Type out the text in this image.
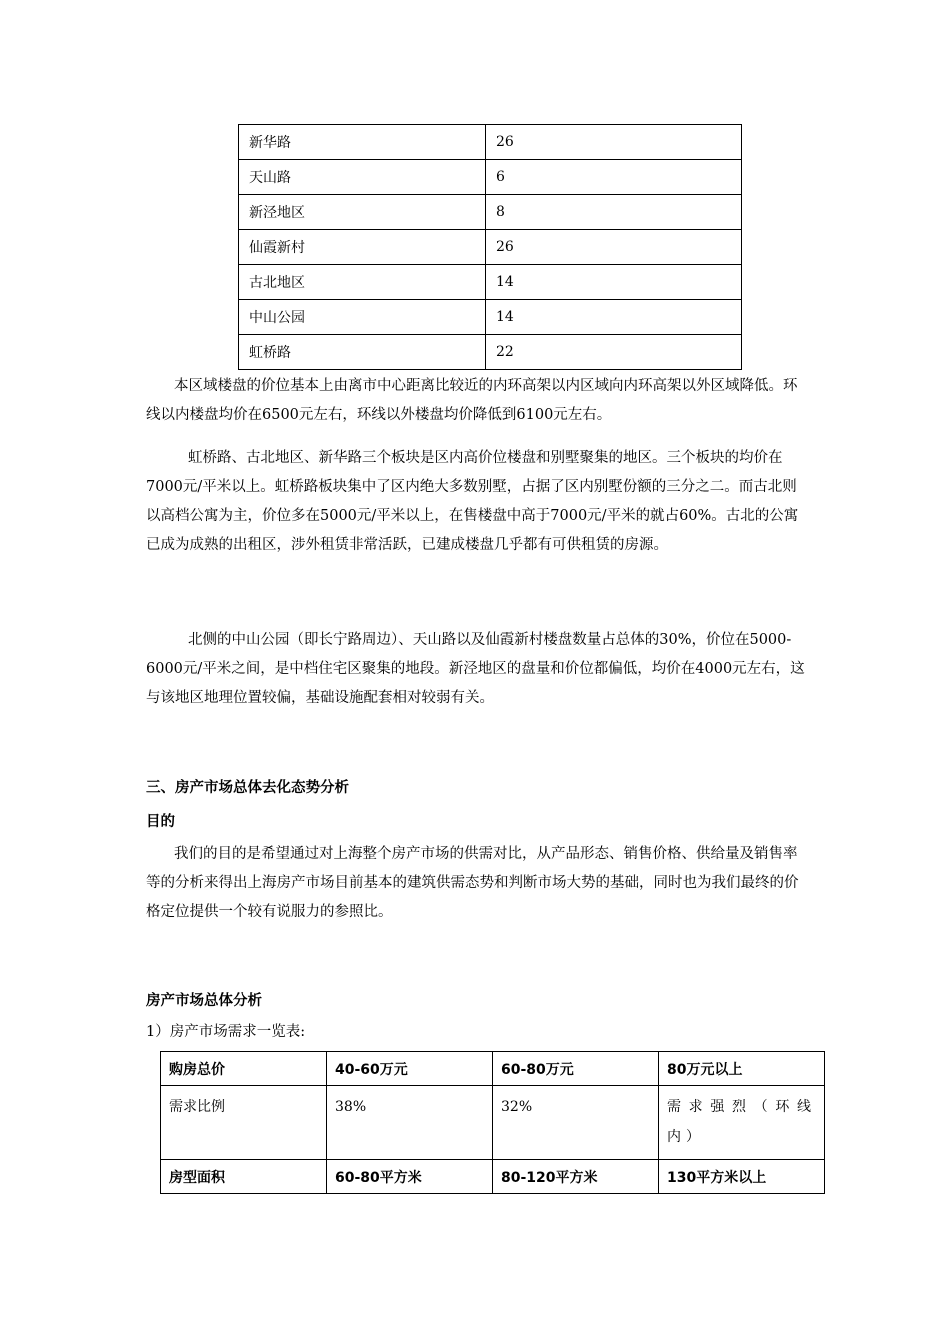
新华路	26
天山路	6
新泾地区	8
仙霞新村	26
古北地区	14
中山公园	14
虹桥路	22

本区域楼盘的价位基本上由离市中心距离比较近的内环高架以内区域向内环高架以外区域降低。环线以内楼盘均价在6500元左右，环线以外楼盘均价降低到6100元左右。

虹桥路、古北地区、新华路三个板块是区内高价位楼盘和别墅聚集的地区。三个板块的均价在7000元/平米以上。虹桥路板块集中了区内绝大多数别墅，占据了区内别墅份额的三分之二。而古北则以高档公寓为主，价位多在5000元/平米以上，在售楼盘中高于7000元/平米的就占60%。古北的公寓已成为成熟的出租区，涉外租赁非常活跃，已建成楼盘几乎都有可供租赁的房源。

北侧的中山公园（即长宁路周边）、天山路以及仙霞新村楼盘数量占总体的30%，价位在5000-6000元/平米之间，是中档住宅区聚集的地段。新泾地区的盘量和价位都偏低，均价在4000元左右，这与该地区地理位置较偏，基础设施配套相对较弱有关。

三、房产市场总体去化态势分析
目的

我们的目的是希望通过对上海整个房产市场的供需对比，从产品形态、销售价格、供给量及销售率等的分析来得出上海房产市场目前基本的建筑供需态势和判断市场大势的基础，同时也为我们最终的价格定位提供一个较有说服力的参照比。

房产市场总体分析
1）房产市场需求一览表:
购房总价	40-60万元	60-80万元	80万元以上
需求比例	38%	32%	需求强烈（环线内）
房型面积	60-80平方米	80-120平方米	130平方米以上
